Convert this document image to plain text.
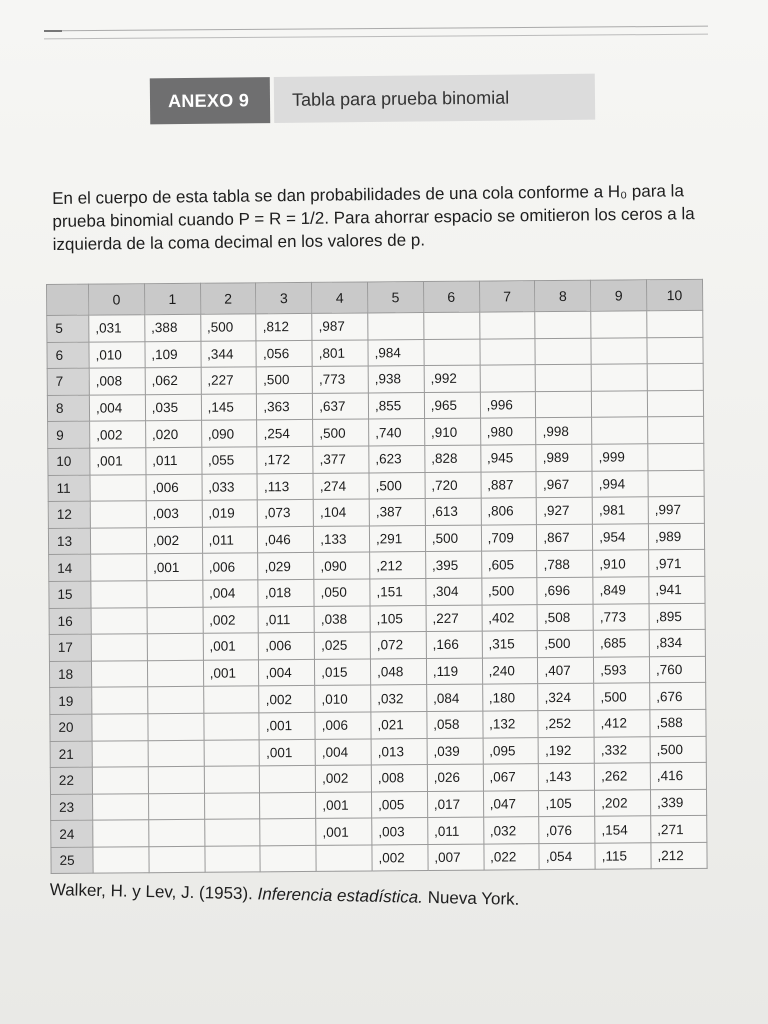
ANEXO 9	Tabla para prueba binomial

En el cuerpo de esta tabla se dan probabilidades de una cola conforme a H₀ para la prueba binomial cuando P = R = 1/2. Para ahorrar espacio se omitieron los ceros a la izquierda de la coma decimal en los valores de p.

	0	1	2	3	4	5	6	7	8	9	10
5	,031	,388	,500	,812	,987						
6	,010	,109	,344	,056	,801	,984					
7	,008	,062	,227	,500	,773	,938	,992				
8	,004	,035	,145	,363	,637	,855	,965	,996			
9	,002	,020	,090	,254	,500	,740	,910	,980	,998		
10	,001	,011	,055	,172	,377	,623	,828	,945	,989	,999	
11		,006	,033	,113	,274	,500	,720	,887	,967	,994	
12		,003	,019	,073	,104	,387	,613	,806	,927	,981	,997
13		,002	,011	,046	,133	,291	,500	,709	,867	,954	,989
14		,001	,006	,029	,090	,212	,395	,605	,788	,910	,971
15			,004	,018	,050	,151	,304	,500	,696	,849	,941
16			,002	,011	,038	,105	,227	,402	,508	,773	,895
17			,001	,006	,025	,072	,166	,315	,500	,685	,834
18			,001	,004	,015	,048	,119	,240	,407	,593	,760
19				,002	,010	,032	,084	,180	,324	,500	,676
20				,001	,006	,021	,058	,132	,252	,412	,588
21				,001	,004	,013	,039	,095	,192	,332	,500
22					,002	,008	,026	,067	,143	,262	,416
23					,001	,005	,017	,047	,105	,202	,339
24					,001	,003	,011	,032	,076	,154	,271
25						,002	,007	,022	,054	,115	,212
Walker, H. y Lev, J. (1953). Inferencia estadística. Nueva York.
